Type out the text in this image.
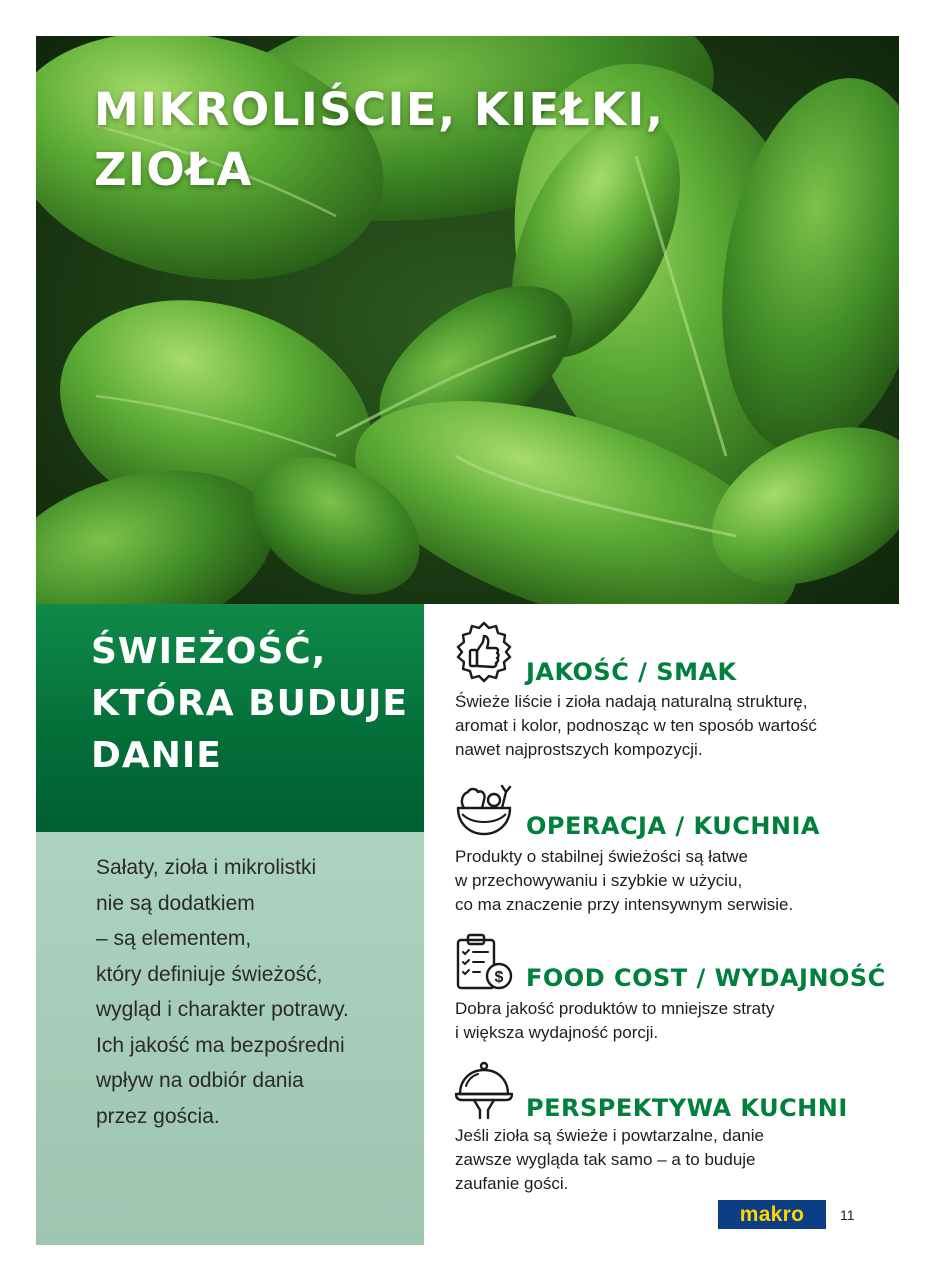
MIKROLIŚCIE, KIEŁKI,
ZIOŁA
ŚWIEŻOŚĆ,
KTÓRA BUDUJE
DANIE

Sałaty, zioła i mikrolistki
nie są dodatkiem
– są elementem,
który definiuje świeżość,
wygląd i charakter potrawy.
Ich jakość ma bezpośredni
wpływ na odbiór dania
przez gościa.

JAKOŚĆ / SMAK

Świeże liście i zioła nadają naturalną strukturę,
aromat i kolor, podnosząc w ten sposób wartość
nawet najprostszych kompozycji.

OPERACJA / KUCHNIA

Produkty o stabilnej świeżości są łatwe
w przechowywaniu i szybkie w użyciu,
co ma znaczenie przy intensywnym serwisie.

$ FOOD COST / WYDAJNOŚĆ

Dobra jakość produktów to mniejsze straty
i większa wydajność porcji.

PERSPEKTYWA KUCHNI

Jeśli zioła są świeże i powtarzalne, danie
zawsze wygląda tak samo – a to buduje
zaufanie gości.

makro	11
